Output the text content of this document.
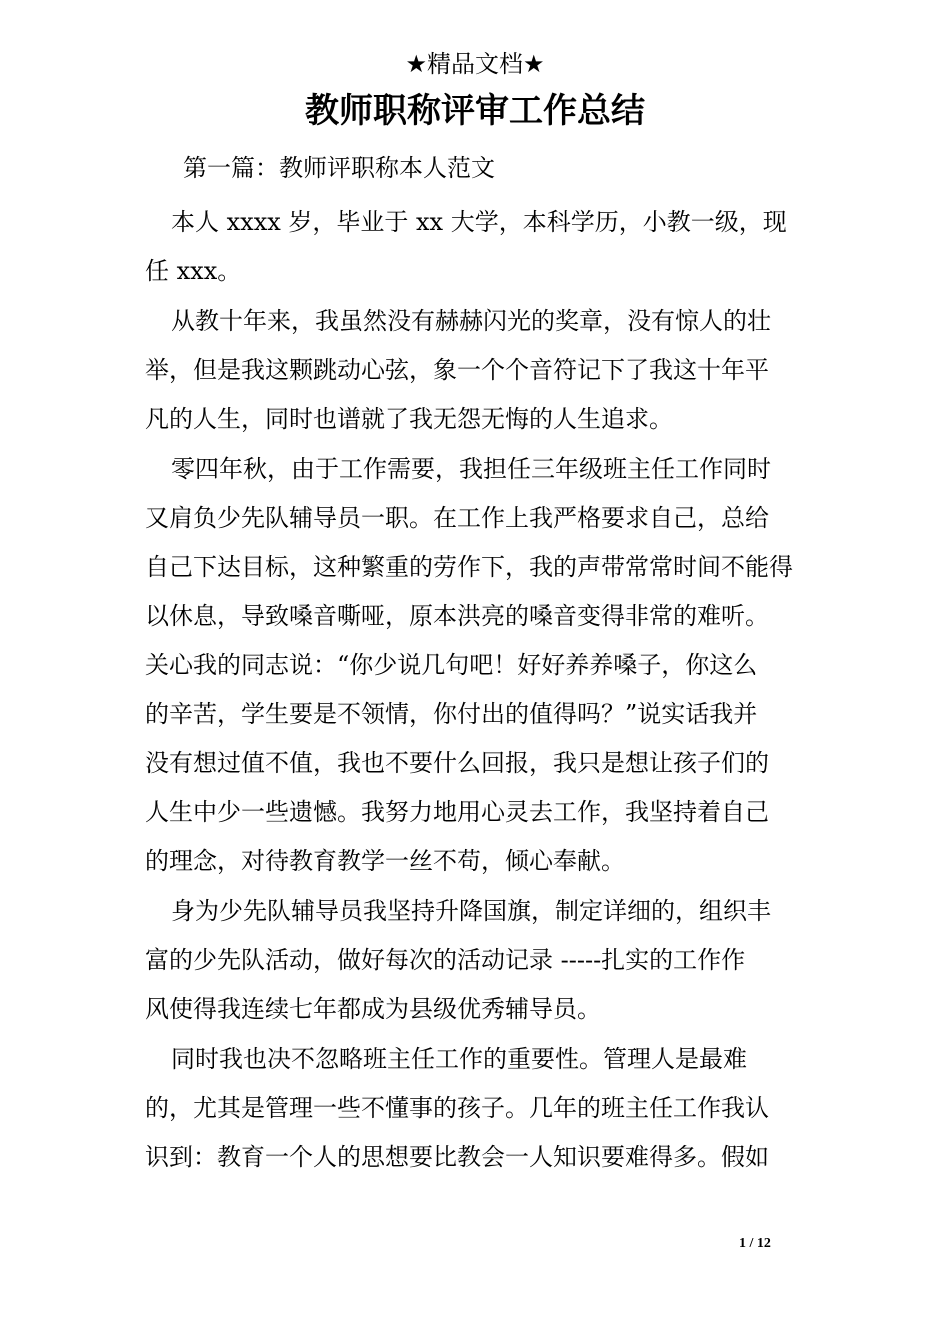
★精品文档★
教师职称评审工作总结
第一篇：教师评职称本人范文
本人 xxxx 岁，毕业于 xx 大学，本科学历，小教一级，现
任 xxx。
从教十年来，我虽然没有赫赫闪光的奖章，没有惊人的壮
举，但是我这颗跳动心弦，象一个个音符记下了我这十年平
凡的人生，同时也谱就了我无怨无悔的人生追求。
零四年秋，由于工作需要，我担任三年级班主任工作同时
又肩负少先队辅导员一职。在工作上我严格要求自己，总给
自己下达目标，这种繁重的劳作下，我的声带常常时间不能得
以休息，导致嗓音嘶哑，原本洪亮的嗓音变得非常的难听。
关心我的同志说：“你少说几句吧！好好养养嗓子，你这么
的辛苦，学生要是不领情，你付出的值得吗？”说实话我并
没有想过值不值，我也不要什么回报，我只是想让孩子们的
人生中少一些遗憾。我努力地用心灵去工作，我坚持着自己
的理念，对待教育教学一丝不苟，倾心奉献。
身为少先队辅导员我坚持升降国旗，制定详细的，组织丰
富的少先队活动，做好每次的活动记录 -----扎实的工作作
风使得我连续七年都成为县级优秀辅导员。
同时我也决不忽略班主任工作的重要性。管理人是最难
的，尤其是管理一些不懂事的孩子。几年的班主任工作我认
识到：教育一个人的思想要比教会一人知识要难得多。假如
1 / 12
